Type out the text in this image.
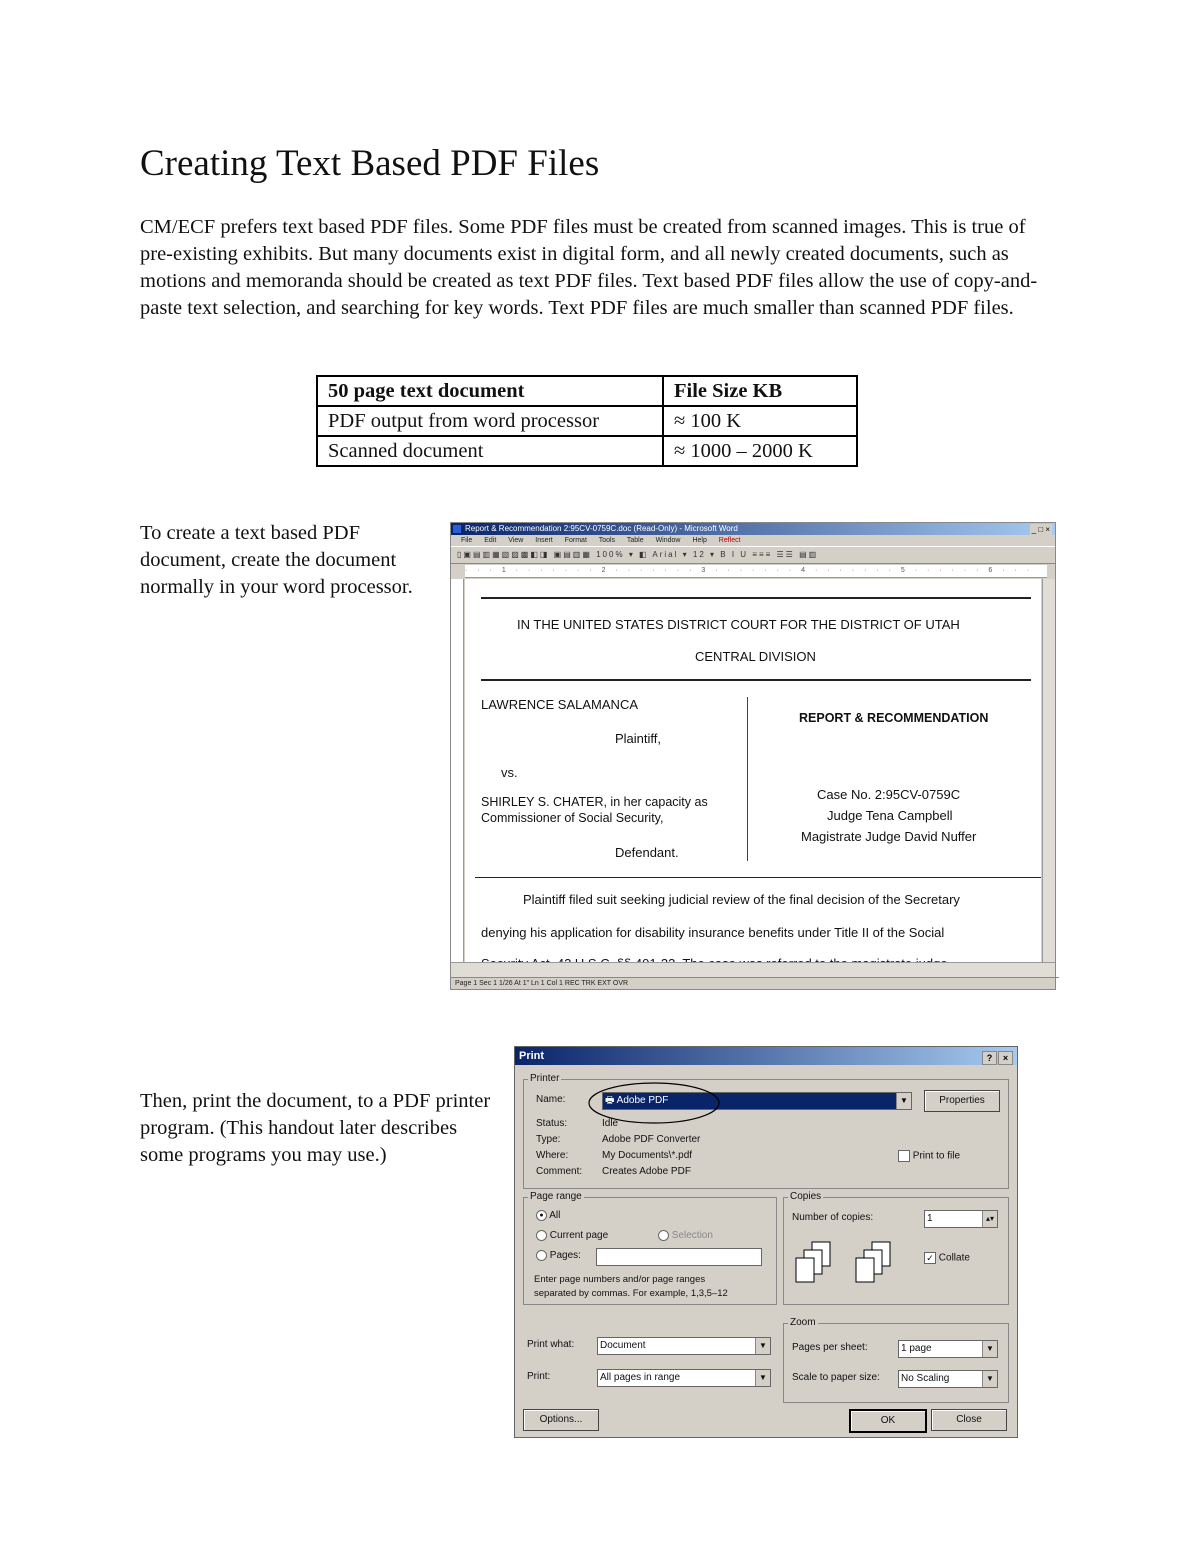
Creating Text Based PDF Files

CM/ECF prefers text based PDF files. Some PDF files must be created from scanned images. This is true of pre-existing exhibits. But many documents exist in digital form, and all newly created documents, such as motions and memoranda should be created as text PDF files. Text based PDF files allow the use of copy-and-paste text selection, and searching for key words. Text PDF files are much smaller than scanned PDF files.

50 page text document	File Size KB
PDF output from word processor	≈ 100 K
Scanned document	≈ 1000 – 2000 K

To create a text based PDF document, create the document normally in your word processor.

Then, print the document, to a PDF printer program. (This handout later describes some programs you may use.)

Report & Recommendation 2:95CV-0759C.doc (Read-Only) - Microsoft Word	_ □ ×
File Edit View Insert Format Tools Table Window Help Reflect
▯▣▤▥▦▧▨▩◧◨ ▣▤▥▦ 100% ▾ ◧ Arial ▾ 12 ▾ B I U ≡≡≡ ☰☰ ▤▥
· · · 1 · · · · · · · 2 · · · · · · · 3 · · · · · · · 4 · · · · · · · 5 · · · · · · 6 · · ·
IN THE UNITED STATES DISTRICT COURT FOR THE DISTRICT OF UTAH
CENTRAL DIVISION
LAWRENCE SALAMANCA
Plaintiff,
vs.
SHIRLEY S. CHATER, in her capacity as
Commissioner of Social Security,
Defendant.
REPORT & RECOMMENDATION
Case No. 2:95CV-0759C
Judge Tena Campbell
Magistrate Judge David Nuffer
Plaintiff filed suit seeking judicial review of the final decision of the Secretary
denying his application for disability insurance benefits under Title II of the Social
Page 1 Sec 1 1/26 At 1" Ln 1 Col 1 REC TRK EXT OVR
Print	? ×
Printer
Name:	🖶 Adobe PDF	▼	Properties
Status:	Idle
Type:	Adobe PDF Converter
Where:	My Documents\*.pdf
Comment: Creates Adobe PDF
Print to file
Page range
● All
Current page	Selection
Pages:
Enter page numbers and/or page ranges
separated by commas. For example, 1,3,5–12
Copies
Number of copies:	1	▴▾
✓ Collate
Print what:	Document	▼
Print:	All pages in range	▼
Zoom
Pages per sheet:	1 page	▼
Scale to paper size:	No Scaling	▼
Options...	OK	Close
